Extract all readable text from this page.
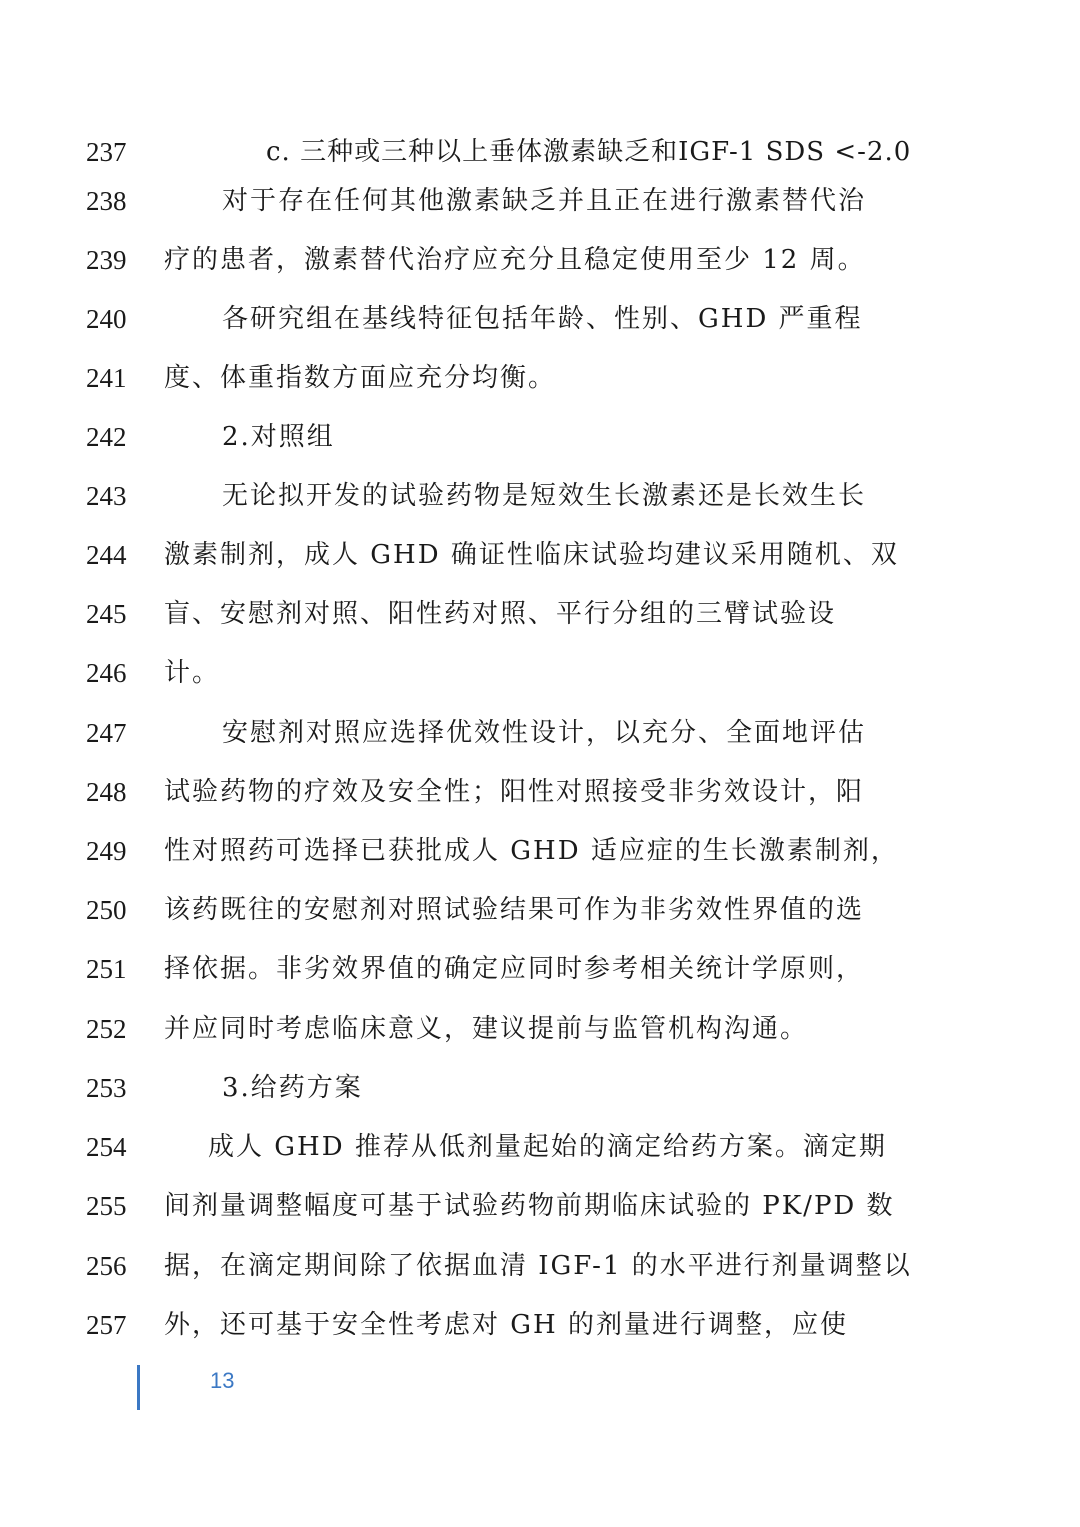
237	c. 三种或三种以上垂体激素缺乏和IGF-1 SDS <-2.0
238	对于存在任何其他激素缺乏并且正在进行激素替代治
239 疗的患者，激素替代治疗应充分且稳定使用至少 12 周。
240	各研究组在基线特征包括年龄、性别、GHD 严重程
241 度、体重指数方面应充分均衡。
242	2.对照组
243	无论拟开发的试验药物是短效生长激素还是长效生长
244 激素制剂，成人 GHD 确证性临床试验均建议采用随机、双
245 盲、安慰剂对照、阳性药对照、平行分组的三臂试验设
246 计。
247	安慰剂对照应选择优效性设计，以充分、全面地评估
248 试验药物的疗效及安全性；阳性对照接受非劣效设计，阳
249 性对照药可选择已获批成人 GHD 适应症的生长激素制剂，
250 该药既往的安慰剂对照试验结果可作为非劣效性界值的选
251 择依据。非劣效界值的确定应同时参考相关统计学原则，
252 并应同时考虑临床意义，建议提前与监管机构沟通。
253	3.给药方案
254	成人 GHD 推荐从低剂量起始的滴定给药方案。滴定期
255 间剂量调整幅度可基于试验药物前期临床试验的 PK/PD 数
256 据，在滴定期间除了依据血清 IGF-1 的水平进行剂量调整以
257 外，还可基于安全性考虑对 GH 的剂量进行调整，应使
13
